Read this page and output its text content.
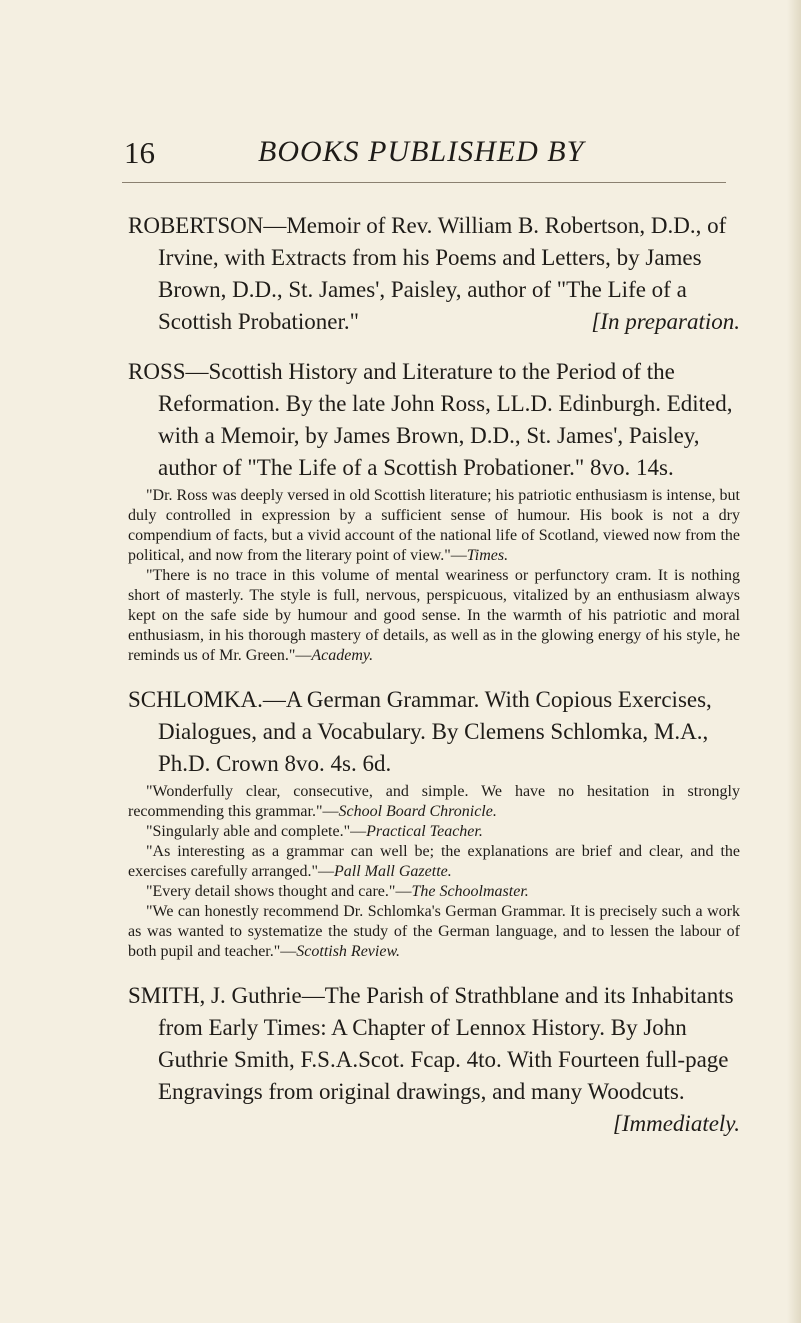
16	BOOKS PUBLISHED BY

ROBERTSON—Memoir of Rev. William B. Robertson, D.D., of Irvine, with Extracts from his Poems and Letters, by James Brown, D.D., St. James', Paisley, author of "The Life of a Scottish Probationer."	[In preparation.

ROSS—Scottish History and Literature to the Period of the Reformation. By the late John Ross, LL.D. Edinburgh. Edited, with a Memoir, by James Brown, D.D., St. James', Paisley, author of "The Life of a Scottish Probationer." 8vo. 14s.

"Dr. Ross was deeply versed in old Scottish literature; his patriotic enthusiasm is intense, but duly controlled in expression by a sufficient sense of humour. His book is not a dry compendium of facts, but a vivid account of the national life of Scotland, viewed now from the political, and now from the literary point of view."—Times.

"There is no trace in this volume of mental weariness or perfunctory cram. It is nothing short of masterly. The style is full, nervous, perspicuous, vitalized by an enthusiasm always kept on the safe side by humour and good sense. In the warmth of his patriotic and moral enthusiasm, in his thorough mastery of details, as well as in the glowing energy of his style, he reminds us of Mr. Green."—Academy.

SCHLOMKA.—A German Grammar. With Copious Exercises, Dialogues, and a Vocabulary. By Clemens Schlomka, M.A., Ph.D. Crown 8vo. 4s. 6d.

"Wonderfully clear, consecutive, and simple. We have no hesitation in strongly recommending this grammar."—School Board Chronicle.

"Singularly able and complete."—Practical Teacher.

"As interesting as a grammar can well be; the explanations are brief and clear, and the exercises carefully arranged."—Pall Mall Gazette.

"Every detail shows thought and care."—The Schoolmaster.

"We can honestly recommend Dr. Schlomka's German Grammar. It is precisely such a work as was wanted to systematize the study of the German language, and to lessen the labour of both pupil and teacher."—Scottish Review.

SMITH, J. Guthrie—The Parish of Strathblane and its Inhabitants from Early Times: A Chapter of Lennox History. By John Guthrie Smith, F.S.A.Scot. Fcap. 4to. With Fourteen full-page Engravings from original drawings, and many Woodcuts.
[Immediately.
